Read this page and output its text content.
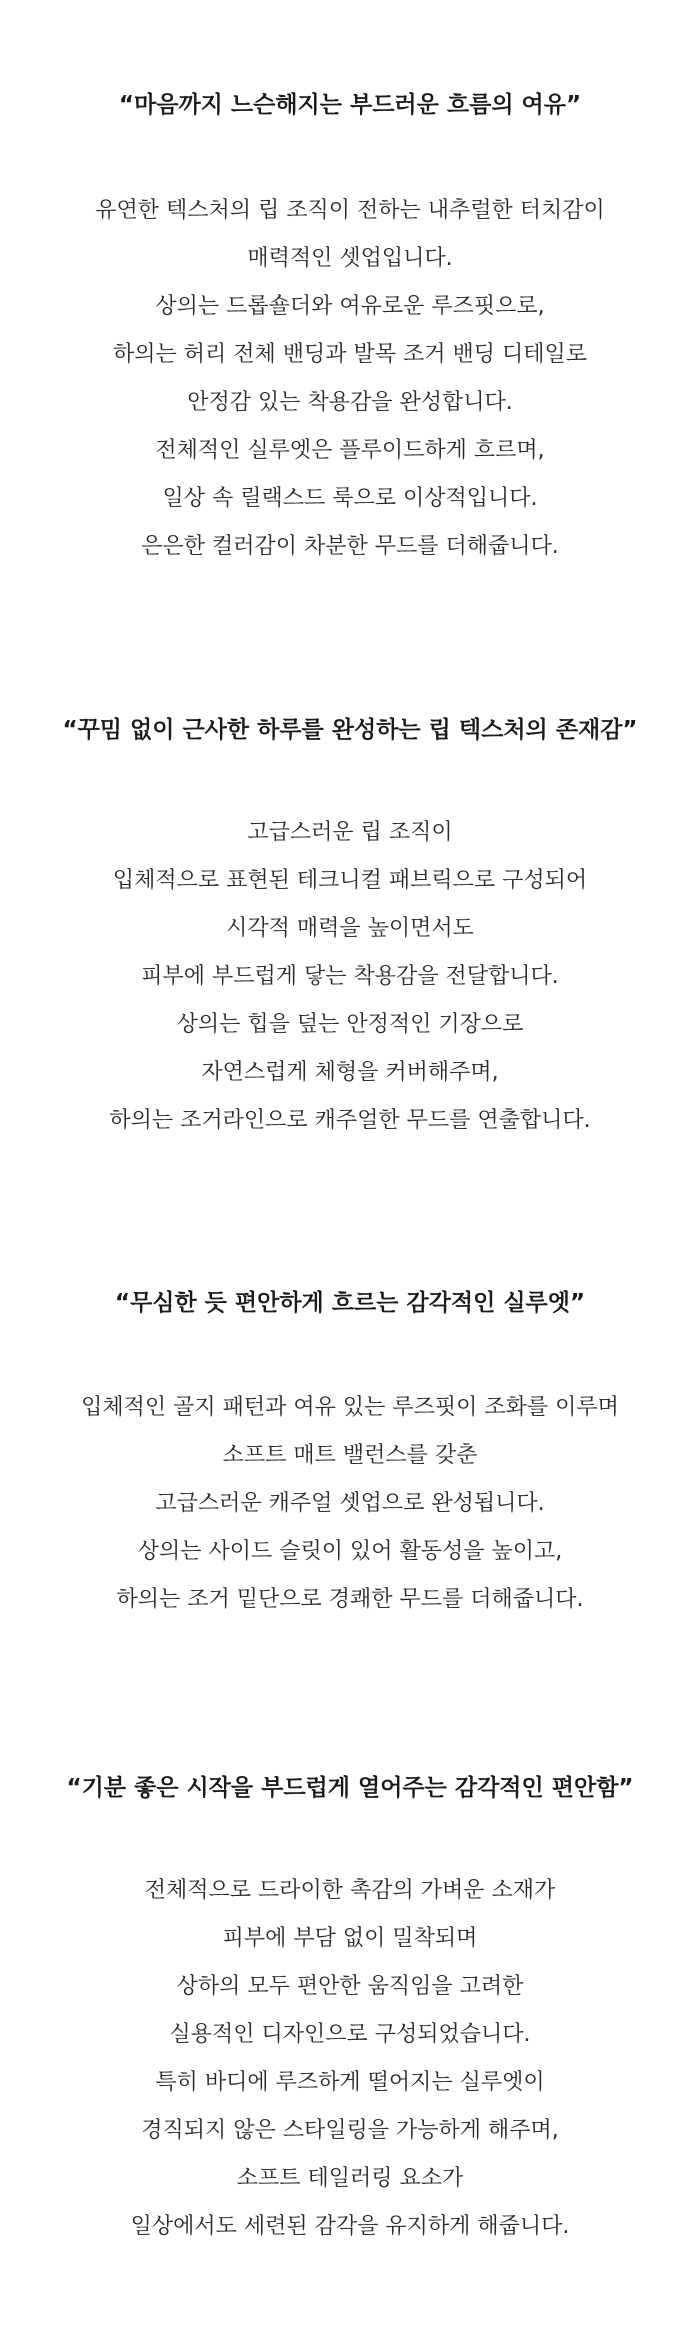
“마음까지 느슨해지는 부드러운 흐름의 여유”
유연한 텍스처의 립 조직이 전하는 내추럴한 터치감이
매력적인 셋업입니다.
상의는 드롭숄더와 여유로운 루즈핏으로,
하의는 허리 전체 밴딩과 발목 조거 밴딩 디테일로
안정감 있는 착용감을 완성합니다.
전체적인 실루엣은 플루이드하게 흐르며,
일상 속 릴랙스드 룩으로 이상적입니다.
은은한 컬러감이 차분한 무드를 더해줍니다.
“꾸밈 없이 근사한 하루를 완성하는 립 텍스처의 존재감”
고급스러운 립 조직이
입체적으로 표현된 테크니컬 패브릭으로 구성되어
시각적 매력을 높이면서도
피부에 부드럽게 닿는 착용감을 전달합니다.
상의는 힙을 덮는 안정적인 기장으로
자연스럽게 체형을 커버해주며,
하의는 조거라인으로 캐주얼한 무드를 연출합니다.
“무심한 듯 편안하게 흐르는 감각적인 실루엣”
입체적인 골지 패턴과 여유 있는 루즈핏이 조화를 이루며
소프트 매트 밸런스를 갖춘
고급스러운 캐주얼 셋업으로 완성됩니다.
상의는 사이드 슬릿이 있어 활동성을 높이고,
하의는 조거 밑단으로 경쾌한 무드를 더해줍니다.
“기분 좋은 시작을 부드럽게 열어주는 감각적인 편안함”
전체적으로 드라이한 촉감의 가벼운 소재가
피부에 부담 없이 밀착되며
상하의 모두 편안한 움직임을 고려한
실용적인 디자인으로 구성되었습니다.
특히 바디에 루즈하게 떨어지는 실루엣이
경직되지 않은 스타일링을 가능하게 해주며,
소프트 테일러링 요소가
일상에서도 세련된 감각을 유지하게 해줍니다.
